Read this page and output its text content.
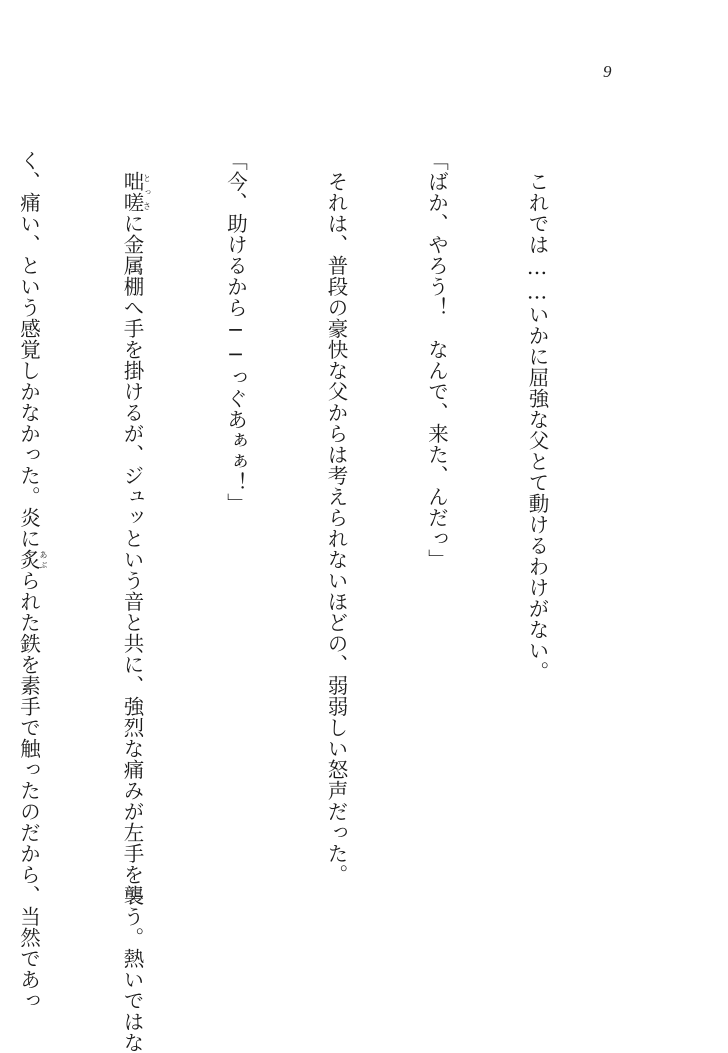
9

　これでは……いかに屈強な父とて動けるわけがない。

「ばか、やろう！　なんで、来た、んだっ」

　それは、普段の豪快な父からは考えられないほどの、弱弱しい怒声だった。

「今、助けるから──っぐあぁぁ！」

　咄嗟とっさに金属棚へ手を掛けるが、ジュッという音と共に、強烈な痛みが左手を襲う。熱いではな

く、痛い、という感覚しかなかった。炎に炙あぶられた鉄を素手で触ったのだから、当然であっ
